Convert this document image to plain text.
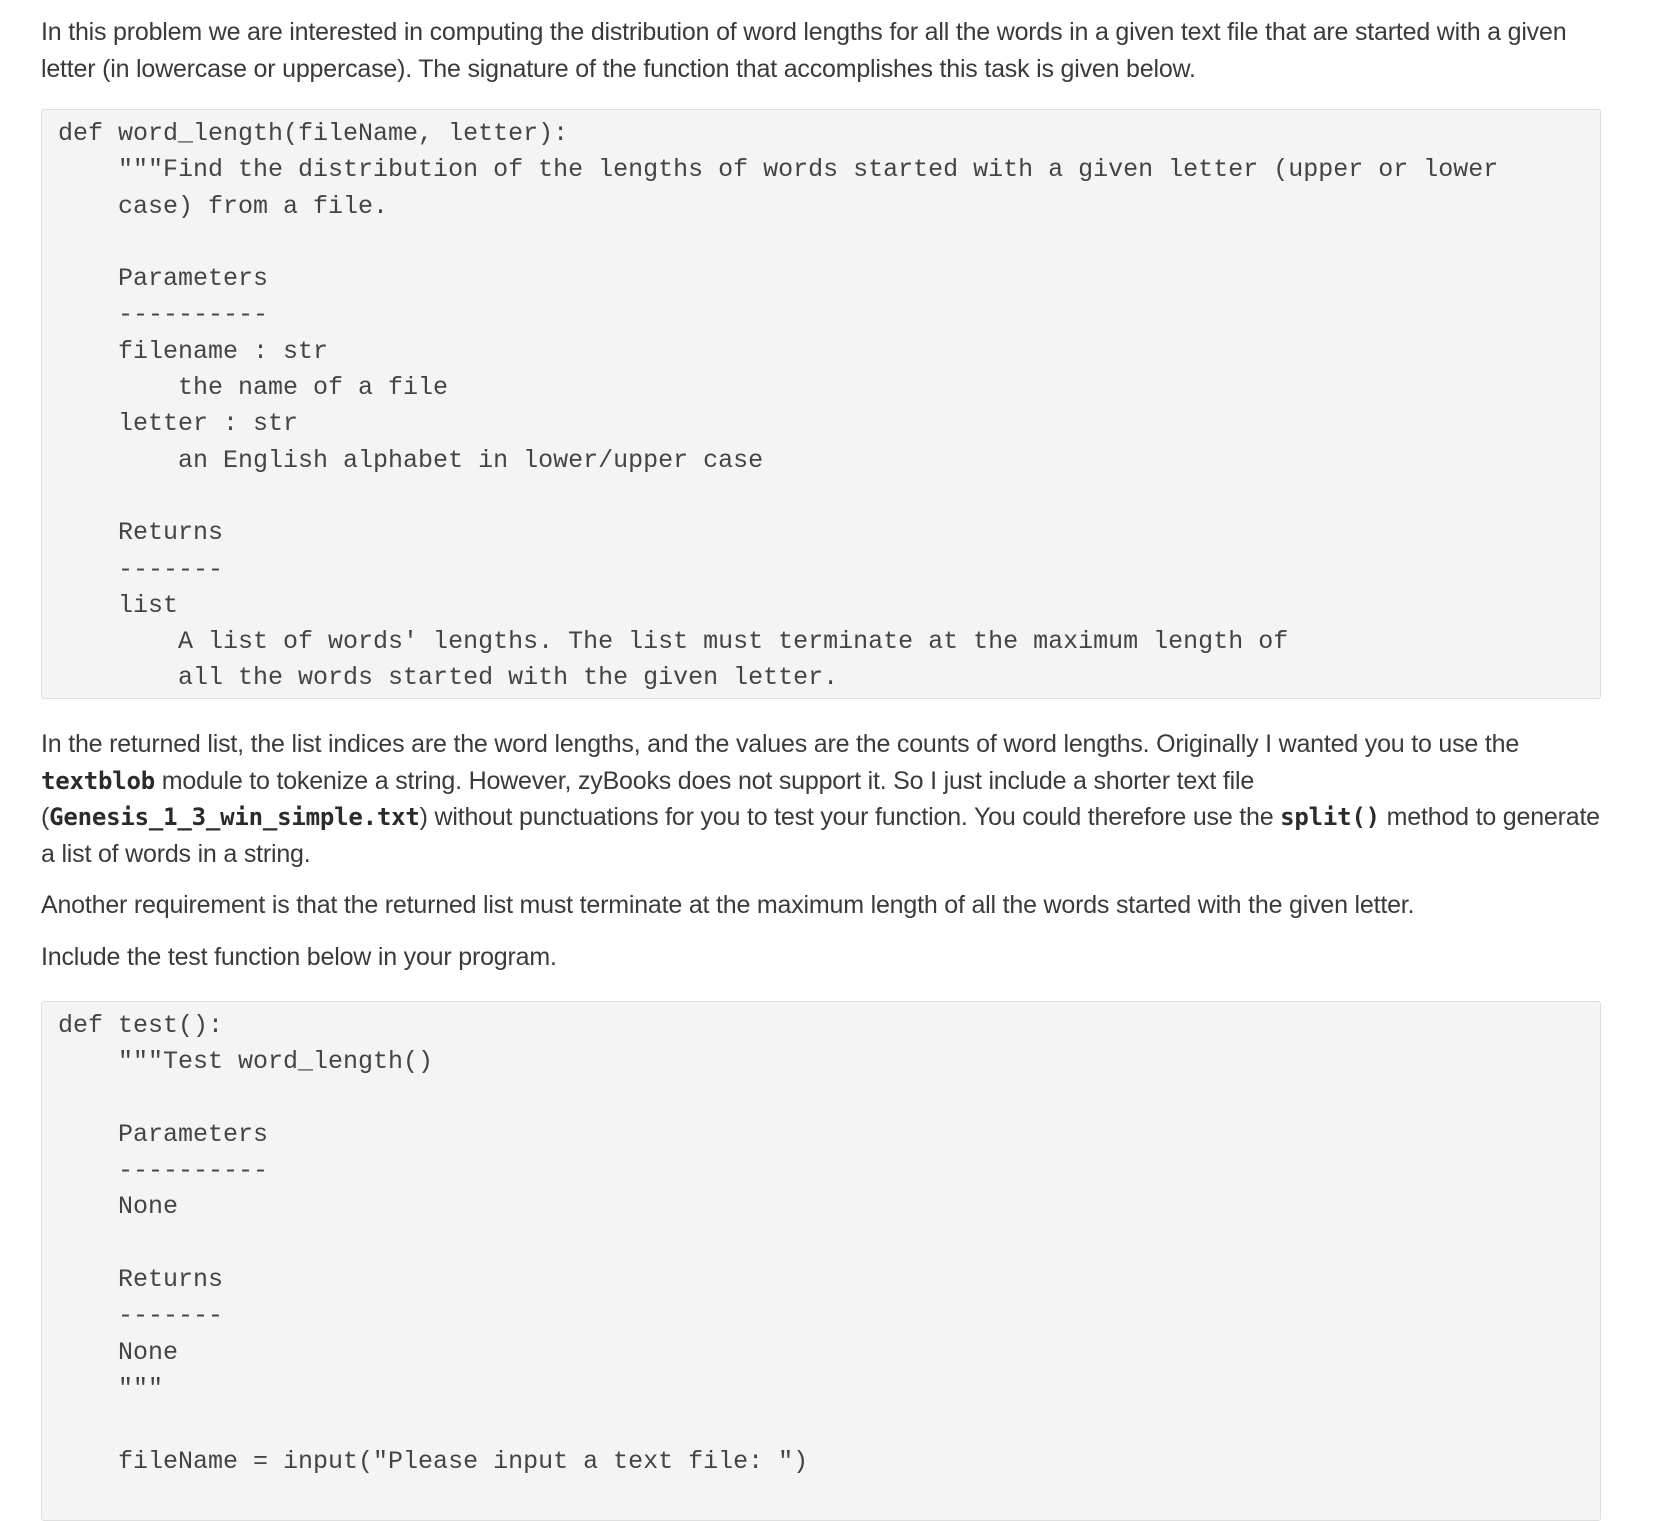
In this problem we are interested in computing the distribution of word lengths for all the words in a given text file that are started with a given letter (in lowercase or uppercase). The signature of the function that accomplishes this task is given below.

def word_length(fileName, letter):
"""Find the distribution of the lengths of words started with a given letter (upper or lower
case) from a file.

Parameters
----------
filename : str
the name of a file
letter : str
an English alphabet in lower/upper case

Returns
-------
list
A list of words' lengths. The list must terminate at the maximum length of
all the words started with the given letter.

In the returned list, the list indices are the word lengths, and the values are the counts of word lengths. Originally I wanted you to use the textblob module to tokenize a string. However, zyBooks does not support it. So I just include a shorter text file (Genesis_1_3_win_simple.txt) without punctuations for you to test your function. You could therefore use the split() method to generate a list of words in a string.

Another requirement is that the returned list must terminate at the maximum length of all the words started with the given letter.

Include the test function below in your program.

def test():
"""Test word_length()

Parameters
----------
None

Returns
-------
None
"""

fileName = input("Please input a text file: ")
